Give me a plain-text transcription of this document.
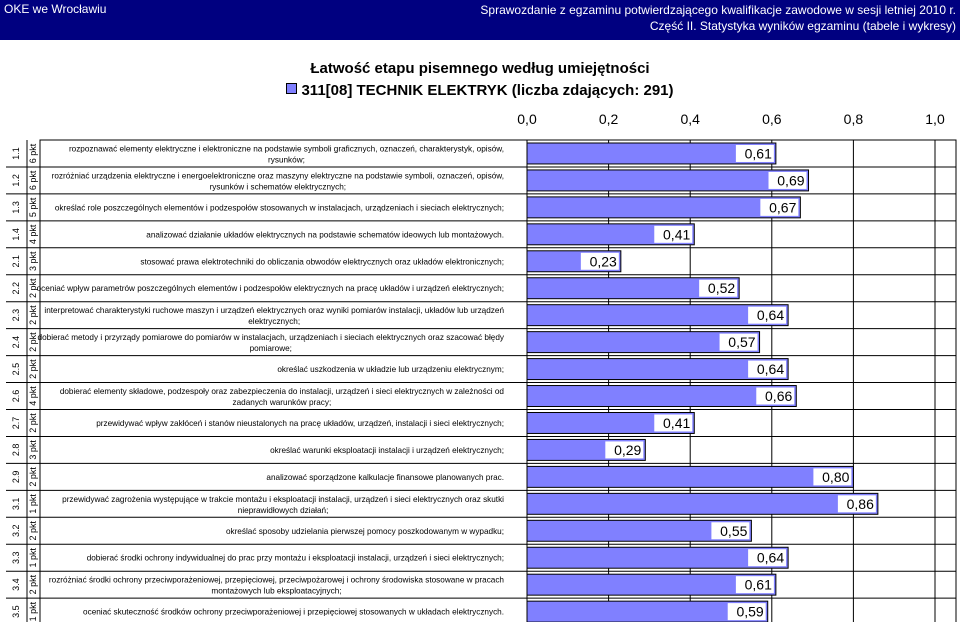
OKE we Wrocławiu	Sprawozdanie z egzaminu potwierdzającego kwalifikacje zawodowe w sesji letniej 2010 r.
Część II. Statystyka wyników egzaminu (tabele i wykresy)
Łatwość etapu pisemnego według umiejętności
311[08] TECHNIK ELEKTRYK (liczba zdających: 291)
0,0	0,2	0,4	0,6	0,8	1,0
1.1 6 pkt	0,61
rozpoznawać elementy elektryczne i elektroniczne na podstawie symboli graficznych, oznaczeń, charakterystyk, opisów, rysunków;
1.2 6 pkt	0,69
rozróżniać urządzenia elektryczne i energoelektroniczne oraz maszyny elektryczne na podstawie symboli, oznaczeń, opisów, rysunków i schematów elektrycznych;
1.3 5 pkt	0,67
określać role poszczególnych elementów i podzespołów stosowanych w instalacjach, urządzeniach i sieciach elektrycznych;
1.4 4 pkt	0,41
analizować działanie układów elektrycznych na podstawie schematów ideowych lub montażowych.
2.1 3 pkt	0,23
stosować prawa elektrotechniki do obliczania obwodów elektrycznych oraz układów elektronicznych;
2.2 2 pkt	0,52
oceniać wpływ parametrów poszczególnych elementów i podzespołów elektrycznych na pracę układów i urządzeń elektrycznych;
2.3 2 pkt	0,64
interpretować charakterystyki ruchowe maszyn i urządzeń elektrycznych oraz wyniki pomiarów instalacji, układów lub urządzeń elektrycznych;
2.4 2 pkt	0,57
dobierać metody i przyrządy pomiarowe do pomiarów w instalacjach, urządzeniach i sieciach elektrycznych oraz szacować błędy pomiarowe;
2.5 2 pkt	0,64
określać uszkodzenia w układzie lub urządzeniu elektrycznym;
2.6 4 pkt	0,66
dobierać elementy składowe, podzespoły oraz zabezpieczenia do instalacji, urządzeń i sieci elektrycznych w zależności od zadanych warunków pracy;
2.7 2 pkt	0,41
przewidywać wpływ zakłóceń i stanów nieustalonych na pracę układów, urządzeń, instalacji i sieci elektrycznych;
2.8 3 pkt	0,29
określać warunki eksploatacji instalacji i urządzeń elektrycznych;
2.9 2 pkt	0,80
analizować sporządzone kalkulacje finansowe planowanych prac.
3.1 1 pkt	0,86
przewidywać zagrożenia występujące w trakcie montażu i eksploatacji instalacji, urządzeń i sieci elektrycznych oraz skutki nieprawidłowych działań;
3.2 2 pkt	0,55
określać sposoby udzielania pierwszej pomocy poszkodowanym w wypadku;
3.3 1 pkt	0,64
dobierać środki ochrony indywidualnej do prac przy montażu i eksploatacji instalacji, urządzeń i sieci elektrycznych;
3.4 2 pkt	0,61
rozróżniać środki ochrony przeciwporażeniowej, przepięciowej, przeciwpożarowej i ochrony środowiska stosowane w pracach montażowych lub eksploatacyjnych;
3.5 1 pkt	0,59
oceniać skuteczność środków ochrony przeciwporażeniowej i przepięciowej stosowanych w układach elektrycznych.
